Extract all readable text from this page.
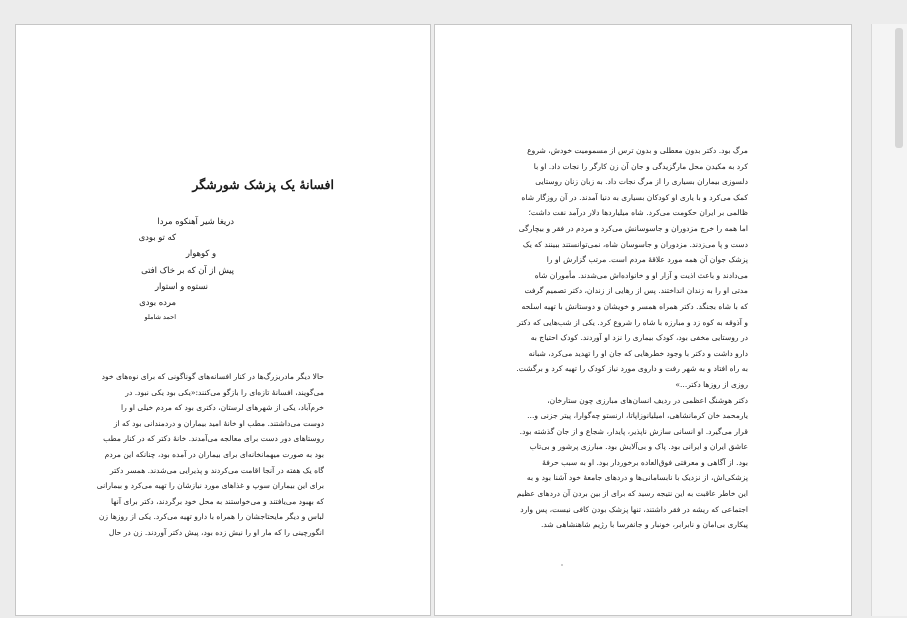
افسانهٔ یک پزشک شورشگر
دریغا شیر آهنکوه مردا
که تو بودی
و کوهوار
پیش از آن که بر خاک افتی
نستوه و استوار
مرده بودی
احمد شاملو
حالا دیگر مادربزرگ‌ها در کنار افسانه‌های گوناگونی که برای نوه‌های خود
می‌گویند، افسانهٔ تازه‌ای را بازگو می‌کنند:«یکی بود یکی نبود. در
خرم‌آباد، یکی از شهرهای لرستان، دکتری بود که مردم خیلی او را
دوست می‌داشتند. مطب او خانهٔ امید بیماران و دردمندانی بود که از
روستاهای دور دست برای معالجه می‌آمدند. خانهٔ دکتر که در کنار مطب
بود به صورت میهمانخانه‌ای برای بیماران در آمده بود، چنانکه این مردم
گاه یک هفته در آنجا اقامت می‌کردند و پذیرایی می‌شدند. همسر دکتر
برای این بیماران سوپ و غذاهای مورد نیازشان را تهیه می‌کرد و بیمارانی
که بهبود می‌یافتند و می‌خواستند به محل خود برگردند، دکتر برای آنها
لباس و دیگر مایحتاجشان را همراه با دارو تهیه می‌کرد. یکی از روزها زن
انگورچینی را که مار او را نیش زده بود، پیش دکتر آوردند. زن در حال
مرگ بود. دکتر بدون معطلی و بدون ترس از مسمومیت خودش، شروع
کرد به مکیدن محل مارگزیدگی و جان آن زن کارگر را نجات داد. او با
دلسوزی بیماران بسیاری را از مرگ نجات داد. به زبان زنان روستایی
کمک می‌کرد و با یاری او کودکان بسیاری به دنیا آمدند. در آن روزگار شاه
ظالمی بر ایران حکومت می‌کرد. شاه میلیاردها دلار درآمد نفت داشت؛
اما همه را خرج مزدوران و جاسوسانش می‌کرد و مردم در فقر و بیچارگی
دست و پا می‌زدند. مزدوران و جاسوسان شاه، نمی‌توانستند ببینند که یک
پزشک جوان آن همه مورد علاقهٔ مردم است. مرتب گزارش او را
می‌دادند و باعث اذیت و آزار او و خانواده‌اش می‌شدند. مأموران شاه
مدتی او را به زندان انداختند. پس از رهایی از زندان، دکتر تصمیم گرفت
که با شاه بجنگد. دکتر همراه همسر و خویشان و دوستانش با تهیه اسلحه
و آذوقه به کوه زد و مبارزه با شاه را شروع کرد. یکی از شب‌هایی که دکتر
در روستایی مخفی بود، کودک بیماری را نزد او آوردند. کودک احتیاج به
دارو داشت و دکتر با وجود خطرهایی که جان او را تهدید می‌کرد، شبانه
به راه افتاد و به شهر رفت و داروی مورد نیاز کودک را تهیه کرد و برگشت.
روزی از روزها دکتر...»
دکتر هوشنگ اعظمی در ردیف انسان‌های مبارزی چون ستارخان،
یارمحمد خان کرمانشاهی، امیلیانوزاپاتا، ارنستو چه‌گوارا، پیتر جزنی و...
قرار می‌گیرد. او انسانی سازش ناپذیر، پایدار، شجاع و از جان گذشته بود.
عاشق ایران و ایرانی بود. پاک و بی‌آلایش بود. مبارزی پرشور و بی‌تاب
بود. از آگاهی و معرفتی فوق‌العاده برخوردار بود. او به سبب حرفهٔ
پزشکی‌اش، از نزدیک با نابسامانی‌ها و دردهای جامعهٔ خود آشنا بود و به
این خاطر عاقبت به این نتیجه رسید که برای از بین بردن آن دردهای عظیم
اجتماعی که ریشه در فقر داشتند، تنها پزشک بودن کافی نیست، پس وارد
پیکاری بی‌امان و نابرابر، خونبار و جانفرسا با رژیم شاهنشاهی شد.
